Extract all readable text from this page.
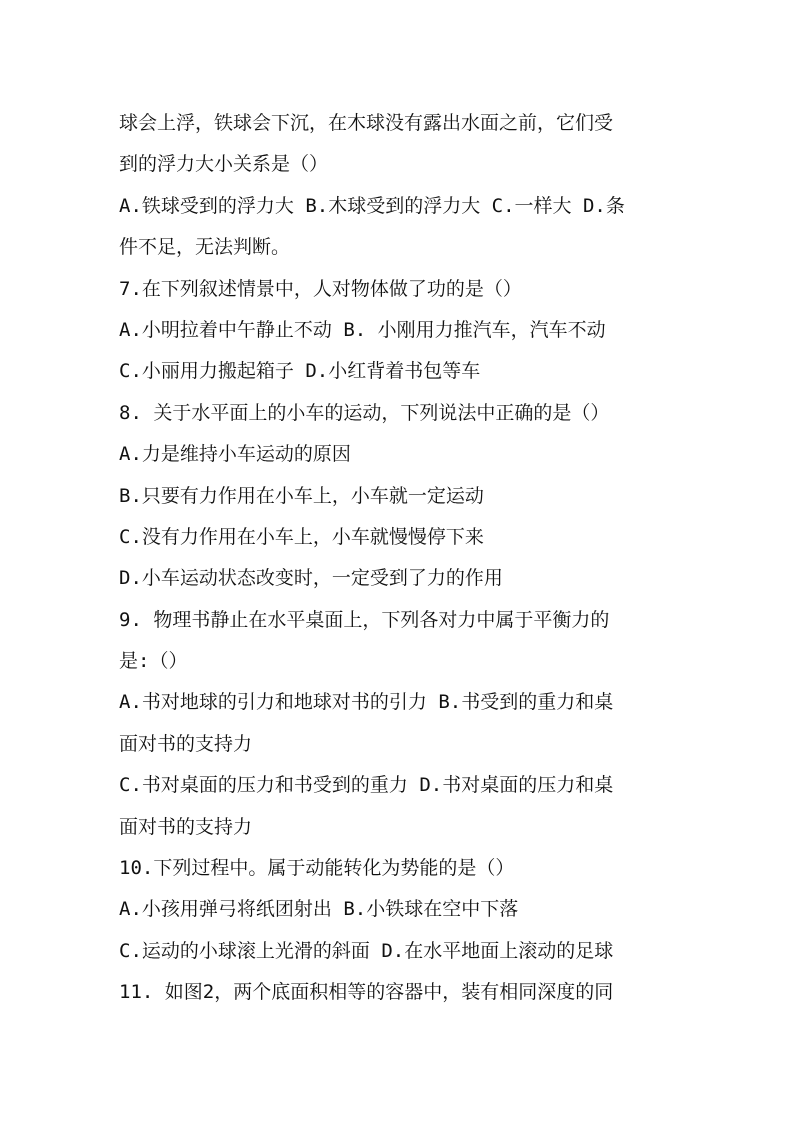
球会上浮，铁球会下沉，在木球没有露出水面之前，它们受
到的浮力大小关系是（）
A.铁球受到的浮力大 B.木球受到的浮力大 C.一样大 D.条
件不足，无法判断。
7.在下列叙述情景中，人对物体做了功的是（）
A.小明拉着中午静止不动 B. 小刚用力推汽车，汽车不动
C.小丽用力搬起箱子 D.小红背着书包等车
8. 关于水平面上的小车的运动，下列说法中正确的是（）
A.力是维持小车运动的原因
B.只要有力作用在小车上，小车就一定运动
C.没有力作用在小车上，小车就慢慢停下来
D.小车运动状态改变时，一定受到了力的作用
9. 物理书静止在水平桌面上，下列各对力中属于平衡力的
是:（）
A.书对地球的引力和地球对书的引力 B.书受到的重力和桌
面对书的支持力
C.书对桌面的压力和书受到的重力 D.书对桌面的压力和桌
面对书的支持力
10.下列过程中。属于动能转化为势能的是（）
A.小孩用弹弓将纸团射出 B.小铁球在空中下落
C.运动的小球滚上光滑的斜面 D.在水平地面上滚动的足球
11. 如图2，两个底面积相等的容器中，装有相同深度的同
